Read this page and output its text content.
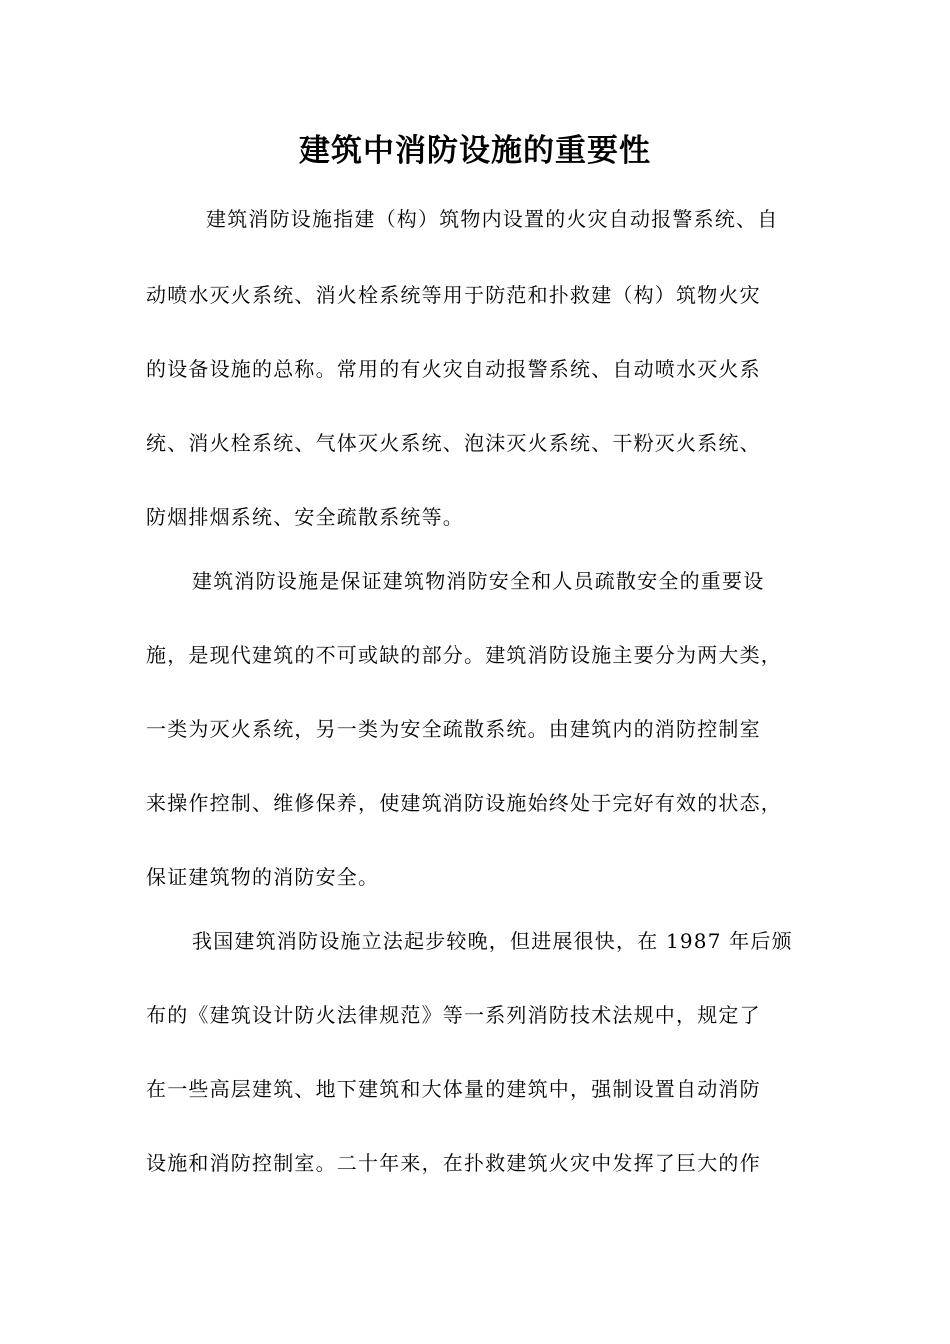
建筑中消防设施的重要性
建筑消防设施指建（构）筑物内设置的火灾自动报警系统、自
动喷水灭火系统、消火栓系统等用于防范和扑救建（构）筑物火灾
的设备设施的总称。常用的有火灾自动报警系统、自动喷水灭火系
统、消火栓系统、气体灭火系统、泡沫灭火系统、干粉灭火系统、
防烟排烟系统、安全疏散系统等。
建筑消防设施是保证建筑物消防安全和人员疏散安全的重要设
施，是现代建筑的不可或缺的部分。建筑消防设施主要分为两大类，
一类为灭火系统，另一类为安全疏散系统。由建筑内的消防控制室
来操作控制、维修保养，使建筑消防设施始终处于完好有效的状态，
保证建筑物的消防安全。
我国建筑消防设施立法起步较晚，但进展很快，在 1987 年后颁
布的《建筑设计防火法律规范》等一系列消防技术法规中，规定了
在一些高层建筑、地下建筑和大体量的建筑中，强制设置自动消防
设施和消防控制室。二十年来，在扑救建筑火灾中发挥了巨大的作
